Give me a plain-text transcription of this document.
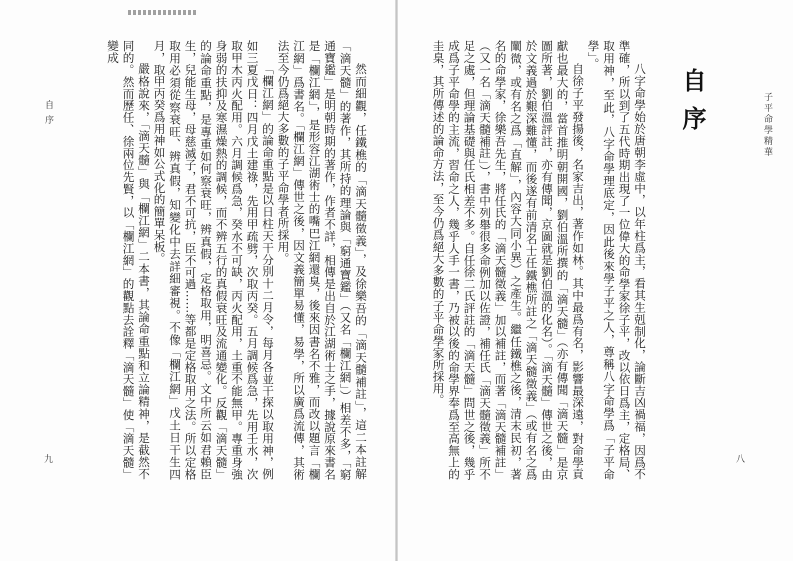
自序	然而細觀，任鐵樵的「滴天髓徵義」，及徐樂吾的「滴天髓補註」，這二本註解「滴天髓」的著作，其所持的理論與「窮通寶鑑」（又名「欄江網」）相差不多，「窮通寶鑑」是明朝時期的著作，作者不詳，相傳是出自於江湖術士之手，據說原來書名是「欄江網」，是形容江湖術士的嘴巴江網還臭，後來因書名不雅，而改以題言「欄江網」爲書名。「欄江網」傳世之後，因文義簡單易懂，易學，所以廣爲流傳，其術法至今仍爲絕大多數的子平命學者所採用。

「欄江網」的論命重點是以日柱天干分別十二月令，每月各並干探以取用神，例如三夏戊日：四月戊土建祿，先用甲疏劈，次取丙癸。五月調候爲急，先用壬水，次取甲木丙火配用。六月調候爲急，癸水不可缺，丙火配用，土重不能無甲。專重身強身弱的扶抑及寒濕燥熱的調候，而不辨五行的真假衰旺及流通變化。反觀「滴天髓」的論命重點，是專重如何察衰旺，辨真假，定格取用，明喜忌。文中所云如君賴臣生，兒能生母，母慈滅子，君不可抗，臣不可過……等都是定格取用之法。所以定格取用必須從察衰旺、辨真假，知變化中去詳細審視。不像「欄江網」戊土日干生四月，取甲丙癸爲用神如公式化的簡單呆板。

嚴格說來，「滴天髓」與「欄江網」二本書，其論命重點和立論精神，是截然不同的。然而歷任、徐兩位先賢，以「欄江網」的觀點去詮釋「滴天髓」使「滴天髓」變成

九
自序	子平命學精華

八字命學始於唐朝李虛中，以年柱爲主，看其生剋制化，論斷吉凶禍福，因爲不準確，所以到了五代時期出現了一位偉大的命學家徐子平，改以依日爲主，定格局、取用神，至此，八字命學理底定，因此後來學子平之人，尊稱八字命學爲「子平命學」。

自徐子平發揚後，名家吉出，著作如林。其中最爲有名，影響最深遠，對命學貢獻也最大的，當首推明朝開國，劉伯溫所撰的「滴天髓」（亦有傳聞「滴天髓」是京圖所著，劉伯溫評註，亦有傳聞，京圖就是劉伯溫的化名）。「滴天髓」傳世之後，由於文義過於艱深難懂，而後遂有前清名士任鐵樵所註之「滴天髓徵義」（或有名之爲闡微，或有名之爲「直解」，內容大同小異）之產生。繼任鐵樵之後，清末民初，著名的命學家，徐樂吾先生，將任氏的「滴天髓徵義」加以補註，而著「滴天髓補註」（又一名「滴天髓補註」），書中列舉很多命例加以佐證，補任氏「滴天髓徵義」所不足之處，但理論基礎與任氏相差不多。自任徐二氏評註的「滴天髓」問世之後，幾乎成爲子平命學的主流，習命之人，幾乎人手一書，乃被以後的命學界奉爲至高無上的圭臬，其所傳述的論命方法，至今仍爲絕大多數的子平命學家所採用。

八
